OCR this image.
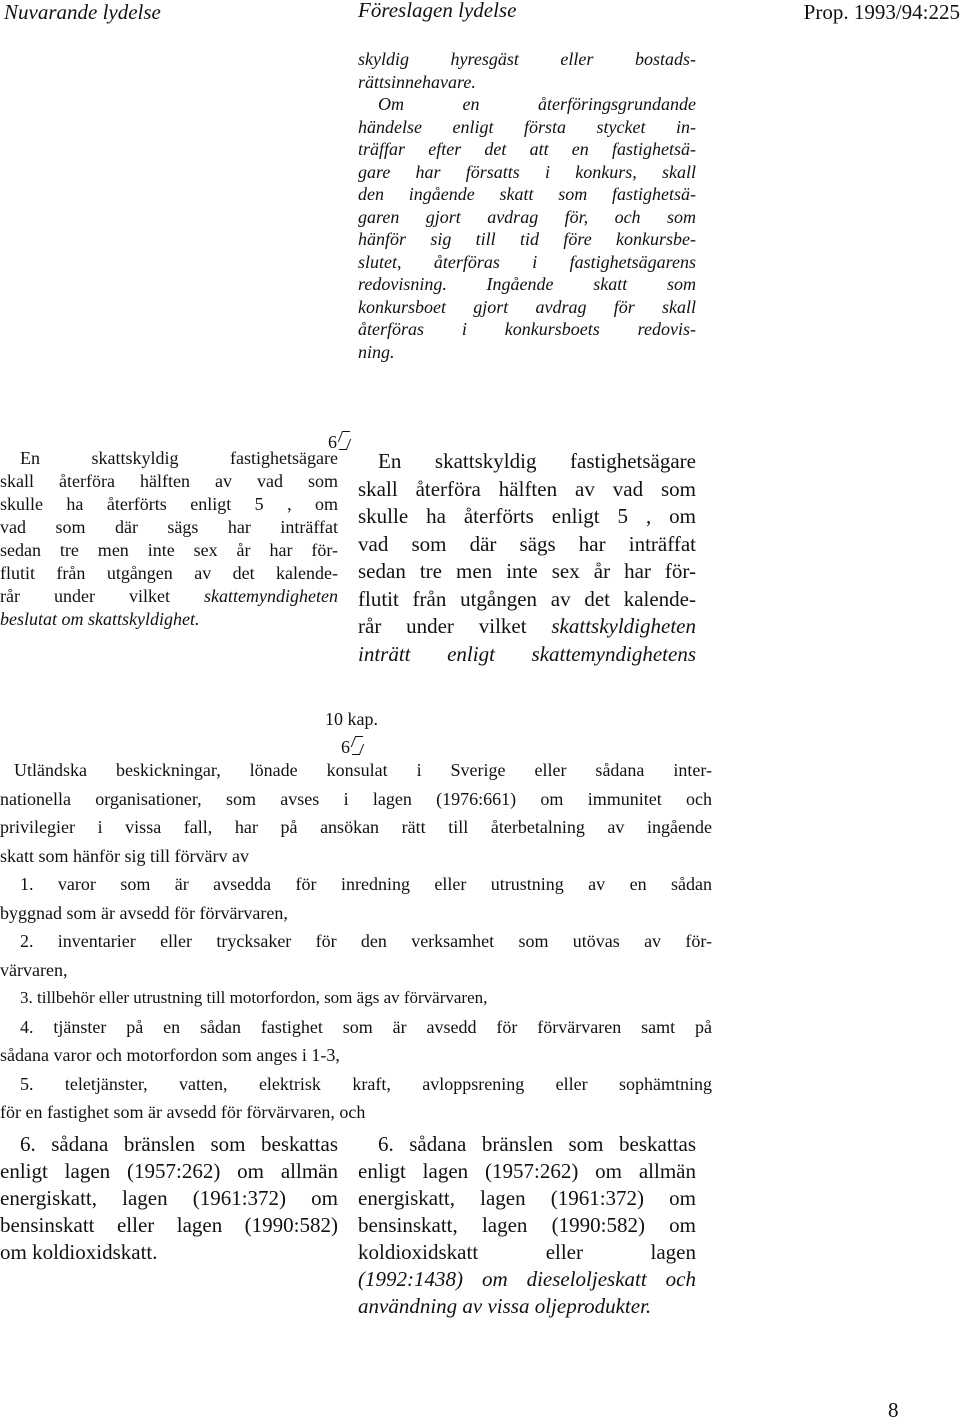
Nuvarande lydelse	Föreslagen lydelse	Prop. 1993/94:225
skyldig hyresgäst eller bostads-
rättsinnehavare.
Om en återföringsgrundande
händelse enligt första stycket in-
träffar efter det att en fastighetsä-
gare har försatts i konkurs, skall
den ingående skatt som fastighetsä-
garen gjort avdrag för, och som
hänför sig till tid före konkursbe-
slutet, återföras i fastighetsägarens
redovisning. Ingående skatt som
konkursboet gjort avdrag för skall
återföras i konkursboets redovis-
ning.
6
En skattskyldig fastighetsägare
skall återföra hälften av vad som
skulle ha återförts enligt 5 , om
vad som där sägs har inträffat
sedan tre men inte sex år har för-
flutit från utgången av det kalende-
rår under vilket skattemyndigheten
beslutat om skattskyldighet.
En skattskyldig fastighetsägare
skall återföra hälften av vad som
skulle ha återförts enligt 5 , om
vad som där sägs har inträffat
sedan tre men inte sex år har för-
flutit från utgången av det kalende-
rår under vilket skattskyldigheten
inträtt enligt skattemyndighetens
10 kap.
6
Utländska beskickningar, lönade konsulat i Sverige eller sådana inter-
nationella organisationer, som avses i lagen (1976:661) om immunitet och
privilegier i vissa fall, har på ansökan rätt till återbetalning av ingående
skatt som hänför sig till förvärv av
1. varor som är avsedda för inredning eller utrustning av en sådan
byggnad som är avsedd för förvärvaren,
2. inventarier eller trycksaker för den verksamhet som utövas av för-
värvaren,
3. tillbehör eller utrustning till motorfordon, som ägs av förvärvaren,
4. tjänster på en sådan fastighet som är avsedd för förvärvaren samt på
sådana varor och motorfordon som anges i 1-3,
5. teletjänster, vatten, elektrisk kraft, avloppsrening eller sophämtning
för en fastighet som är avsedd för förvärvaren, och
6. sådana bränslen som beskattas
enligt lagen (1957:262) om allmän
energiskatt, lagen (1961:372) om
bensinskatt eller lagen (1990:582)
om koldioxidskatt.
6. sådana bränslen som beskattas
enligt lagen (1957:262) om allmän
energiskatt, lagen (1961:372) om
bensinskatt, lagen (1990:582) om
koldioxidskatt eller lagen
(1992:1438) om dieseloljeskatt och
användning av vissa oljeprodukter.
8
